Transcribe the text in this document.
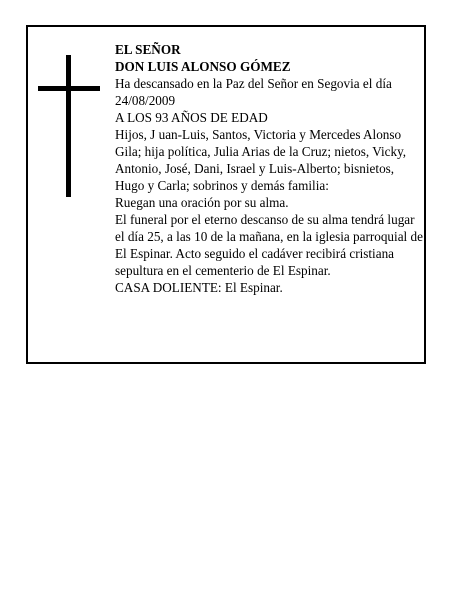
EL SEÑOR

DON LUIS ALONSO GÓMEZ

Ha descansado en la Paz del Señor en Segovia el día 24/08/2009

A LOS 93 AÑOS DE EDAD

Hijos, J uan-Luis, Santos, Victoria y Mercedes Alonso Gila; hija política, Julia Arias de la Cruz; nietos, Vicky, Antonio, José, Dani, Israel y Luis-Alberto; bisnietos, Hugo y Carla; sobrinos y demás familia:

Ruegan una oración por su alma.

El funeral por el eterno descanso de su alma tendrá lugar el día 25, a las 10 de la mañana, en la iglesia parroquial de El Espinar. Acto seguido el cadáver recibirá cristiana sepultura en el cementerio de El Espinar.

CASA DOLIENTE: El Espinar.
